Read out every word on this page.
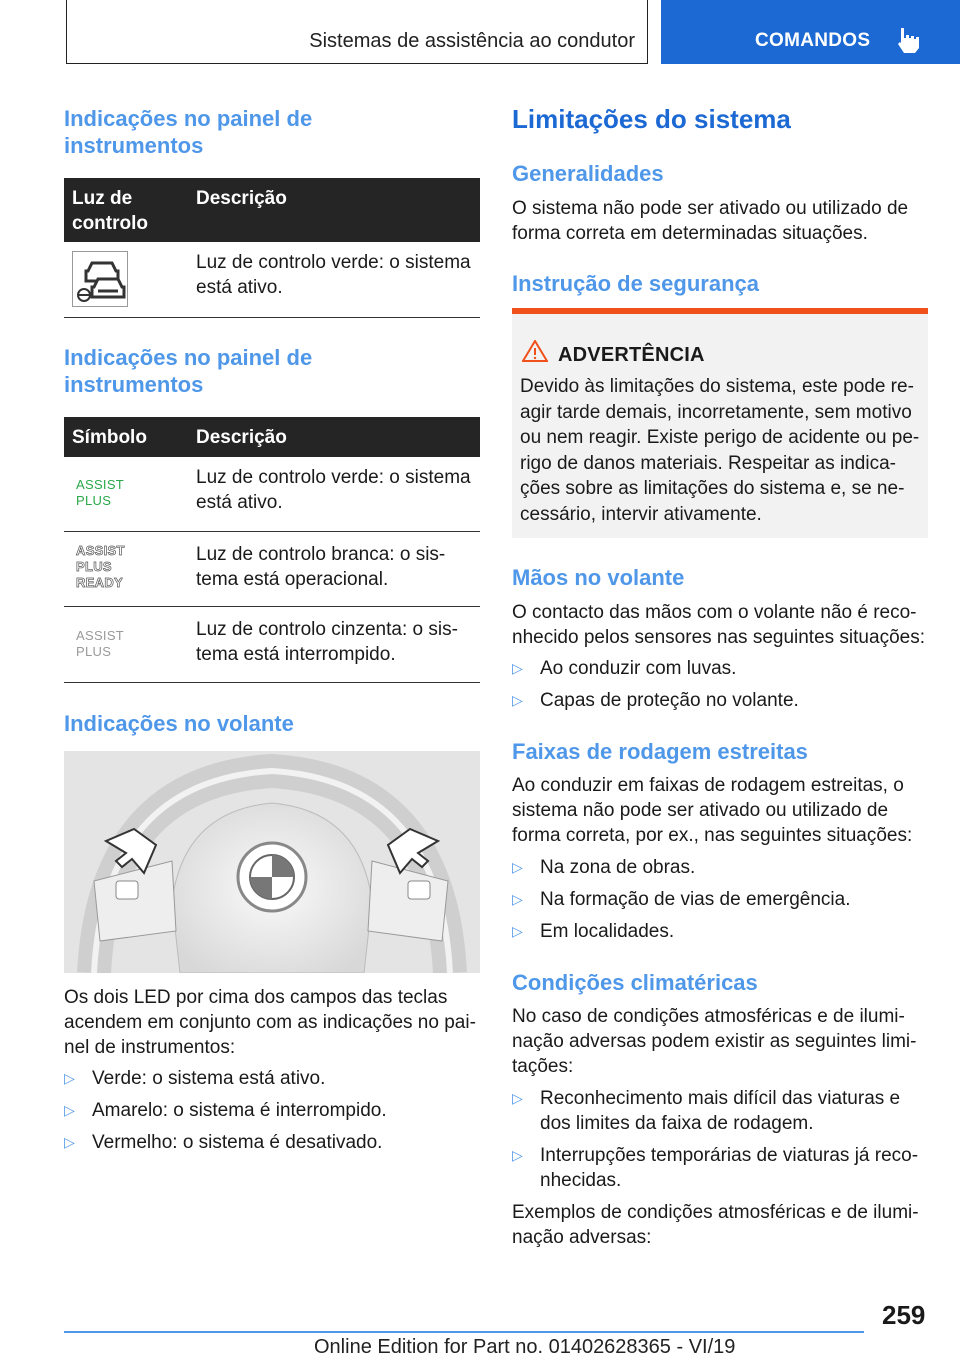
Sistemas de assistência ao condutor	COMANDOS
Indicações no painel de
instrumentos
Luz de
controlo
Descrição
Luz de controlo verde: o sistema
está ativo.
Indicações no painel de
instrumentos
Símbolo	Descrição
ASSIST
PLUS
Luz de controlo verde: o sistema
está ativo.
ASSIST
PLUS
READY
Luz de controlo branca: o sis-
tema está operacional.
ASSIST
PLUS
Luz de controlo cinzenta: o sis-
tema está interrompido.
Indicações no volante
Os dois LED por cima dos campos das teclas
acendem em conjunto com as indicações no pai-
nel de instrumentos:
▷ Verde: o sistema está ativo.
▷ Amarelo: o sistema é interrompido.
▷ Vermelho: o sistema é desativado.
Limitações do sistema
Generalidades
O sistema não pode ser ativado ou utilizado de
forma correta em determinadas situações.
Instrução de segurança
ADVERTÊNCIA
Devido às limitações do sistema, este pode re-
agir tarde demais, incorretamente, sem motivo
ou nem reagir. Existe perigo de acidente ou pe-
rigo de danos materiais. Respeitar as indica-
ções sobre as limitações do sistema e, se ne-
cessário, intervir ativamente.
Mãos no volante
O contacto das mãos com o volante não é reco-
nhecido pelos sensores nas seguintes situações:
▷ Ao conduzir com luvas.
▷ Capas de proteção no volante.
Faixas de rodagem estreitas
Ao conduzir em faixas de rodagem estreitas, o
sistema não pode ser ativado ou utilizado de
forma correta, por ex., nas seguintes situações:
▷ Na zona de obras.
▷ Na formação de vias de emergência.
▷ Em localidades.
Condições climatéricas
No caso de condições atmosféricas e de ilumi-
nação adversas podem existir as seguintes limi-
tações:
▷ Reconhecimento mais difícil das viaturas e
dos limites da faixa de rodagem.
▷ Interrupções temporárias de viaturas já reco-
nhecidas.
Exemplos de condições atmosféricas e de ilumi-
nação adversas:
259
Online Edition for Part no. 01402628365 - VI/19
